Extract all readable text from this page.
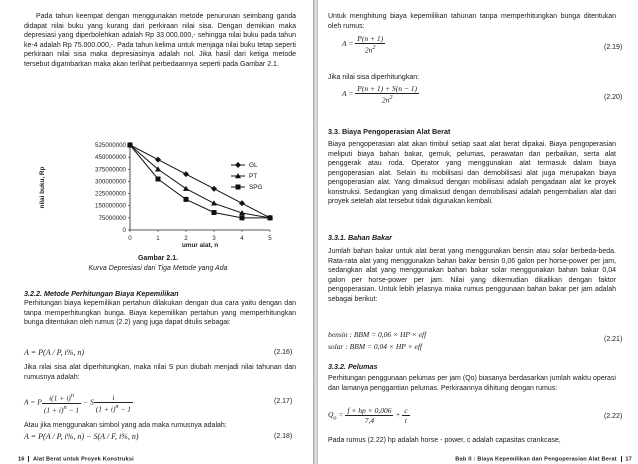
Pada tahun keempat dengan menggunakan metode penurunan seimbang ganda didapat nilai buku yang kurang dari perkiraan nilai sisa. Dengan demikian maka depresiasi yang diperbolehkan adalah Rp 33.000.000,- sehingga nilai buku pada tahun ke-4 adalah Rp 75.000.000,-. Pada tahun kelima untuk menjaga nilai buku tetap seperti perkiraan nilai sisa maka depresiasinya adalah nol. Jika hasil dari ketiga metode tersebut digambarkan maka akan terlihat perbedaannya seperti pada Gambar 2.1.

0
75000000
150000000
225000000
300000000
375000000
450000000
525000000
0	1	2	3	4	5
umur alat, n
nilai buku, Rp
GL
PT
SPG
Gambar 2.1.
Kurva Depresiasi dari Tiga Metode yang Ada

3.2.2. Metode Perhitungan Biaya Kepemilikan

Perhitungan biaya kepemilikan pertahun dilakukan dengan dua cara yaitu dengan dan tanpa memperhitungkan bunga. Biaya kepemilikan pertahun yang memperhitungkan bunga ditentukan oleh rumus (2.2) yang juga dapat ditulis sebagai:

A = P(A / P, i%, n)	(2.16)

Jika nilai sisa alat diperhitungkan, maka nilai S pun diubah menjadi nilai tahunan dan rumusnya adalah:

A = P $\frac{i(1 + i)^n}{(1 + i)^n - 1} - S \frac{i}{(1 + i)^n - 1}$	(2.17)

Atau jika menggunakan simbol yang ada maka rumusnya adalah:

A = P(A / P, i%, n) − S(A / F, i%, n)	(2.18)
16 Alat Berat untuk Proyek Konstruksi

Untuk menghitung biaya kepemilikan tahunan tanpa memperhitungkan bunga ditentukan oleh rumus:

$A = \frac{P(n + 1)}{2n^2}$	(2.19)

Jika nilai sisa diperhitungkan:

$A = \frac{P(n + 1) + S(n - 1)}{2n^2}$	(2.20)

3.3. Biaya Pengoperasian Alat Berat

Biaya pengoperasian alat akan timbul setiap saat alat berat dipakai. Biaya pengoperasian meliputi biaya bahan bakar, gemuk, pelumas, perawatan dan perbaikan, serta alat penggerak atau roda. Operator yang menggunakan alat termasuk dalam biaya pengoperasian alat. Selain itu mobilisasi dan demobilisasi alat juga merupakan biaya pengoperasian alat. Yang dimaksud dengan mobilisasi adalah pengadaan alat ke proyek konstruksi. Sedangkan yang dimaksud dengan demobilisasi adalah pengembalian alat dari proyek setelah alat tersebut tidak digunakan kembali.

3.3.1. Bahan Bakar

Jumlah bahan bakar untuk alat berat yang menggunakan bensin atau solar berbeda-beda. Rata-rata alat yang menggunakan bahan bakar bensin 0,06 galon per horse-power per jam, sedangkan alat yang menggunakan bahan bakar solar menggunakan bahan bakar 0,04 galon per horse-power per jam. Nilai yang dikemudian dikalikan dengan faktor pengoperasian. Untuk lebih jelasnya maka rumus penggunaan bahan bakar per jam adalah sebagai berikut:

bensin : BBM = 0,06 × HP × eff
solar : BBM = 0,04 × HP × eff
(2.21)

3.3.2. Pelumas

Perhitungan penggunaan pelumas per jam (Qo) biasanya berdasarkan jumlah waktu operasi dan lamanya penggantian pelumas. Perkiraannya dihitung dengan rumus:

$Q_o = \frac{f \times hp \times 0,006}{7,4} + \frac{c}{t}$	(2.22)

Pada rumus (2.22) hp adalah horse - power, c adalah capasitas crankcase,

Bab II : Biaya Kepemilikan dan Pengoperasian Alat Berat 17
